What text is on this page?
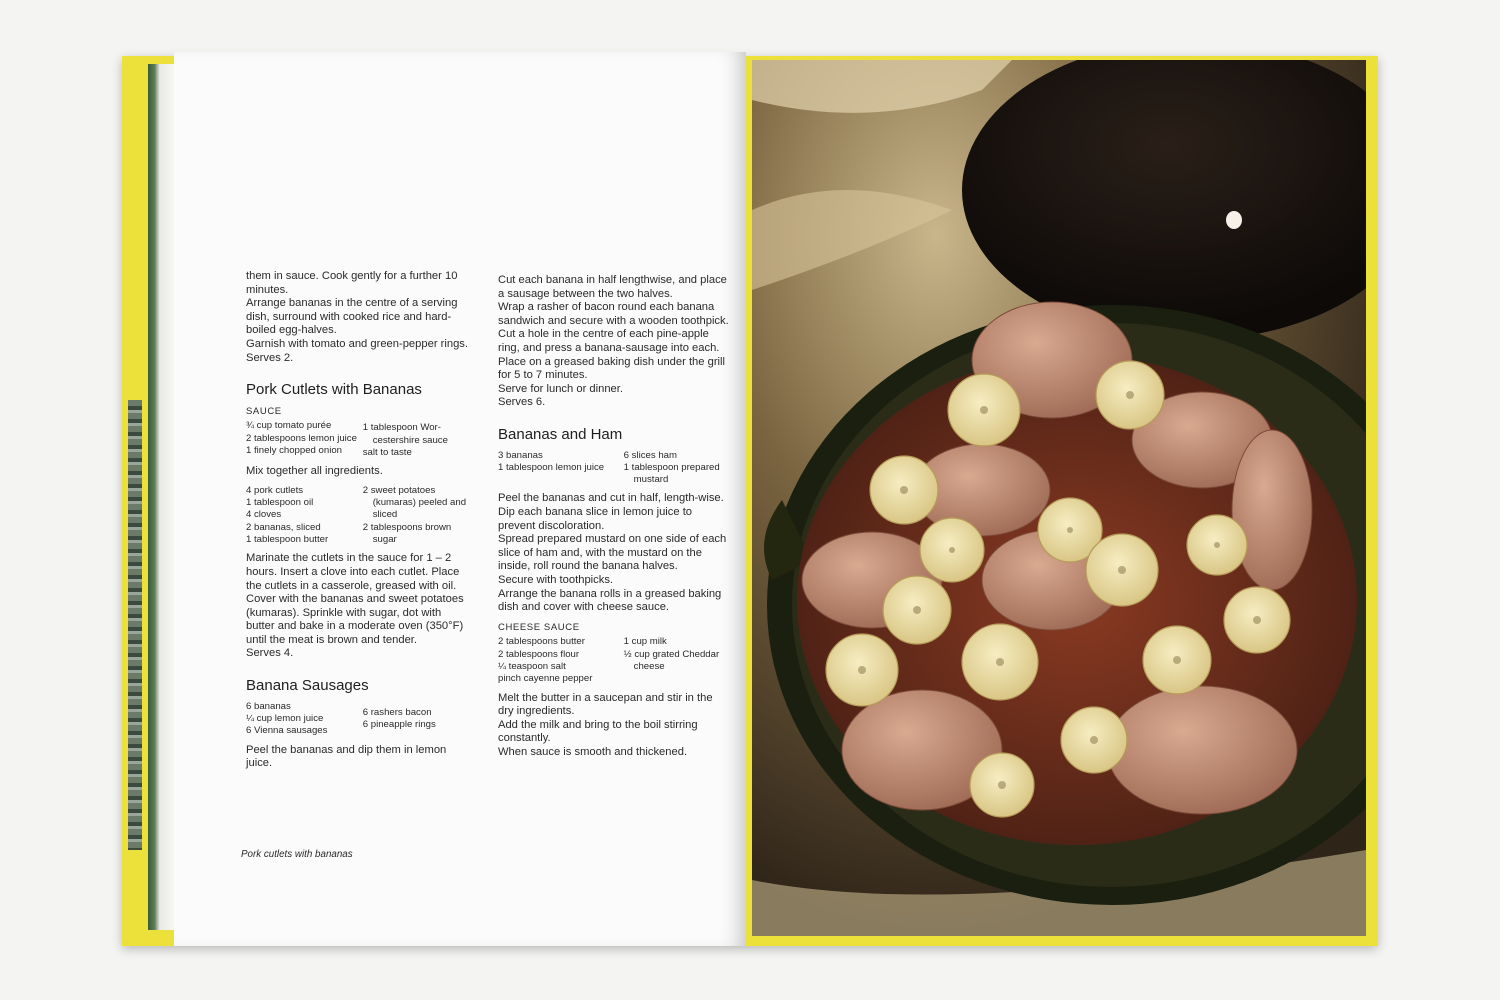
them in sauce. Cook gently for a further 10 minutes.

Arrange bananas in the centre of a serving dish, surround with cooked rice and hard-boiled egg-halves.

Garnish with tomato and green-pepper rings.

Serves 2.

Pork Cutlets with Bananas
SAUCE
¾ cup tomato purée
2 tablespoons lemon juice
1 finely chopped onion
1 tablespoon Wor-cestershire sauce
salt to taste

Mix together all ingredients.

4 pork cutlets
1 tablespoon oil
4 cloves
2 bananas, sliced
1 tablespoon butter
2 sweet potatoes (kumaras) peeled and sliced
2 tablespoons brown sugar

Marinate the cutlets in the sauce for 1 – 2 hours. Insert a clove into each cutlet. Place the cutlets in a casserole, greased with oil. Cover with the bananas and sweet potatoes (kumaras). Sprinkle with sugar, dot with butter and bake in a moderate oven (350°F) until the meat is brown and tender.

Serves 4.

Banana Sausages
6 bananas
¼ cup lemon juice
6 Vienna sausages
6 rashers bacon
6 pineapple rings

Peel the bananas and dip them in lemon juice.

Pork cutlets with bananas

Cut each banana in half lengthwise, and place a sausage between the two halves.

Wrap a rasher of bacon round each banana sandwich and secure with a wooden toothpick.

Cut a hole in the centre of each pine-apple ring, and press a banana-sausage into each.

Place on a greased baking dish under the grill for 5 to 7 minutes.

Serve for lunch or dinner.

Serves 6.

Bananas and Ham
3 bananas
1 tablespoon lemon juice
6 slices ham
1 tablespoon prepared mustard

Peel the bananas and cut in half, length-wise.

Dip each banana slice in lemon juice to prevent discoloration.

Spread prepared mustard on one side of each slice of ham and, with the mustard on the inside, roll round the banana halves.

Secure with toothpicks.

Arrange the banana rolls in a greased baking dish and cover with cheese sauce.

CHEESE SAUCE
2 tablespoons butter
2 tablespoons flour
¼ teaspoon salt
pinch cayenne pepper
1 cup milk
½ cup grated Cheddar cheese

Melt the butter in a saucepan and stir in the dry ingredients.

Add the milk and bring to the boil stirring constantly.

When sauce is smooth and thickened.
